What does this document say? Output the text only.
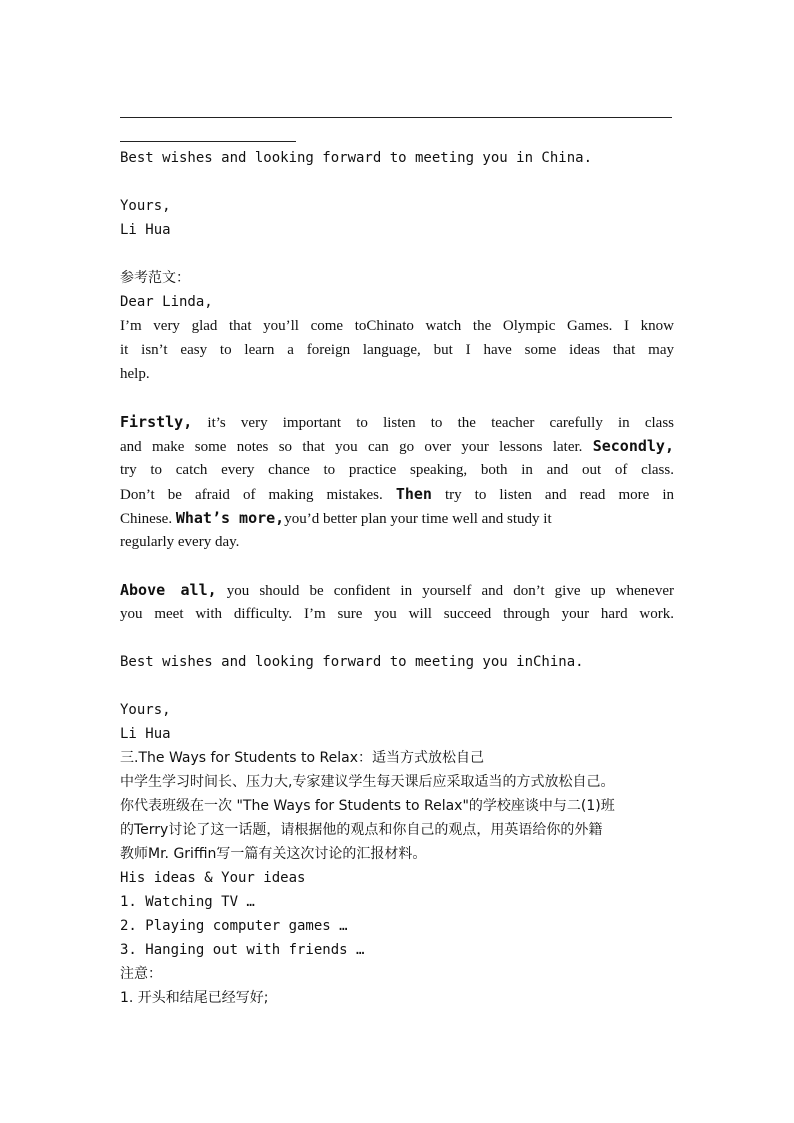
Best wishes and looking forward to meeting you in China.
Yours,
Li Hua
参考范文：
Dear Linda,
I’m very glad that you’ll come toChinato watch the Olympic Games. I know
it isn’t easy to learn a foreign language, but I have some ideas that may
help.
Firstly, it’s very important to listen to the teacher carefully in class
and make some notes so that you can go over your lessons later. Secondly,
try to catch every chance to practice speaking, both in and out of class.
Don’t be afraid of making mistakes. Then try to listen and read more in
Chinese. What’s more,you’d better plan your time well and study it
regularly every day.
Above all, you should be confident in yourself and don’t give up whenever
you meet with difficulty. I’m sure you will succeed through your hard work.
Best wishes and looking forward to meeting you inChina.
Yours,
Li Hua
三.The Ways for Students to Relax：适当方式放松自己
中学生学习时间长、压力大,专家建议学生每天课后应采取适当的方式放松自己。
你代表班级在一次 "The Ways for Students to Relax"的学校座谈中与二(1)班
的Terry讨论了这一话题，请根据他的观点和你自己的观点，用英语给你的外籍
教师Mr. Griffin写一篇有关这次讨论的汇报材料。
His ideas & Your ideas
1. Watching TV …
2. Playing computer games …
3. Hanging out with friends …
注意：
1. 开头和结尾已经写好;
